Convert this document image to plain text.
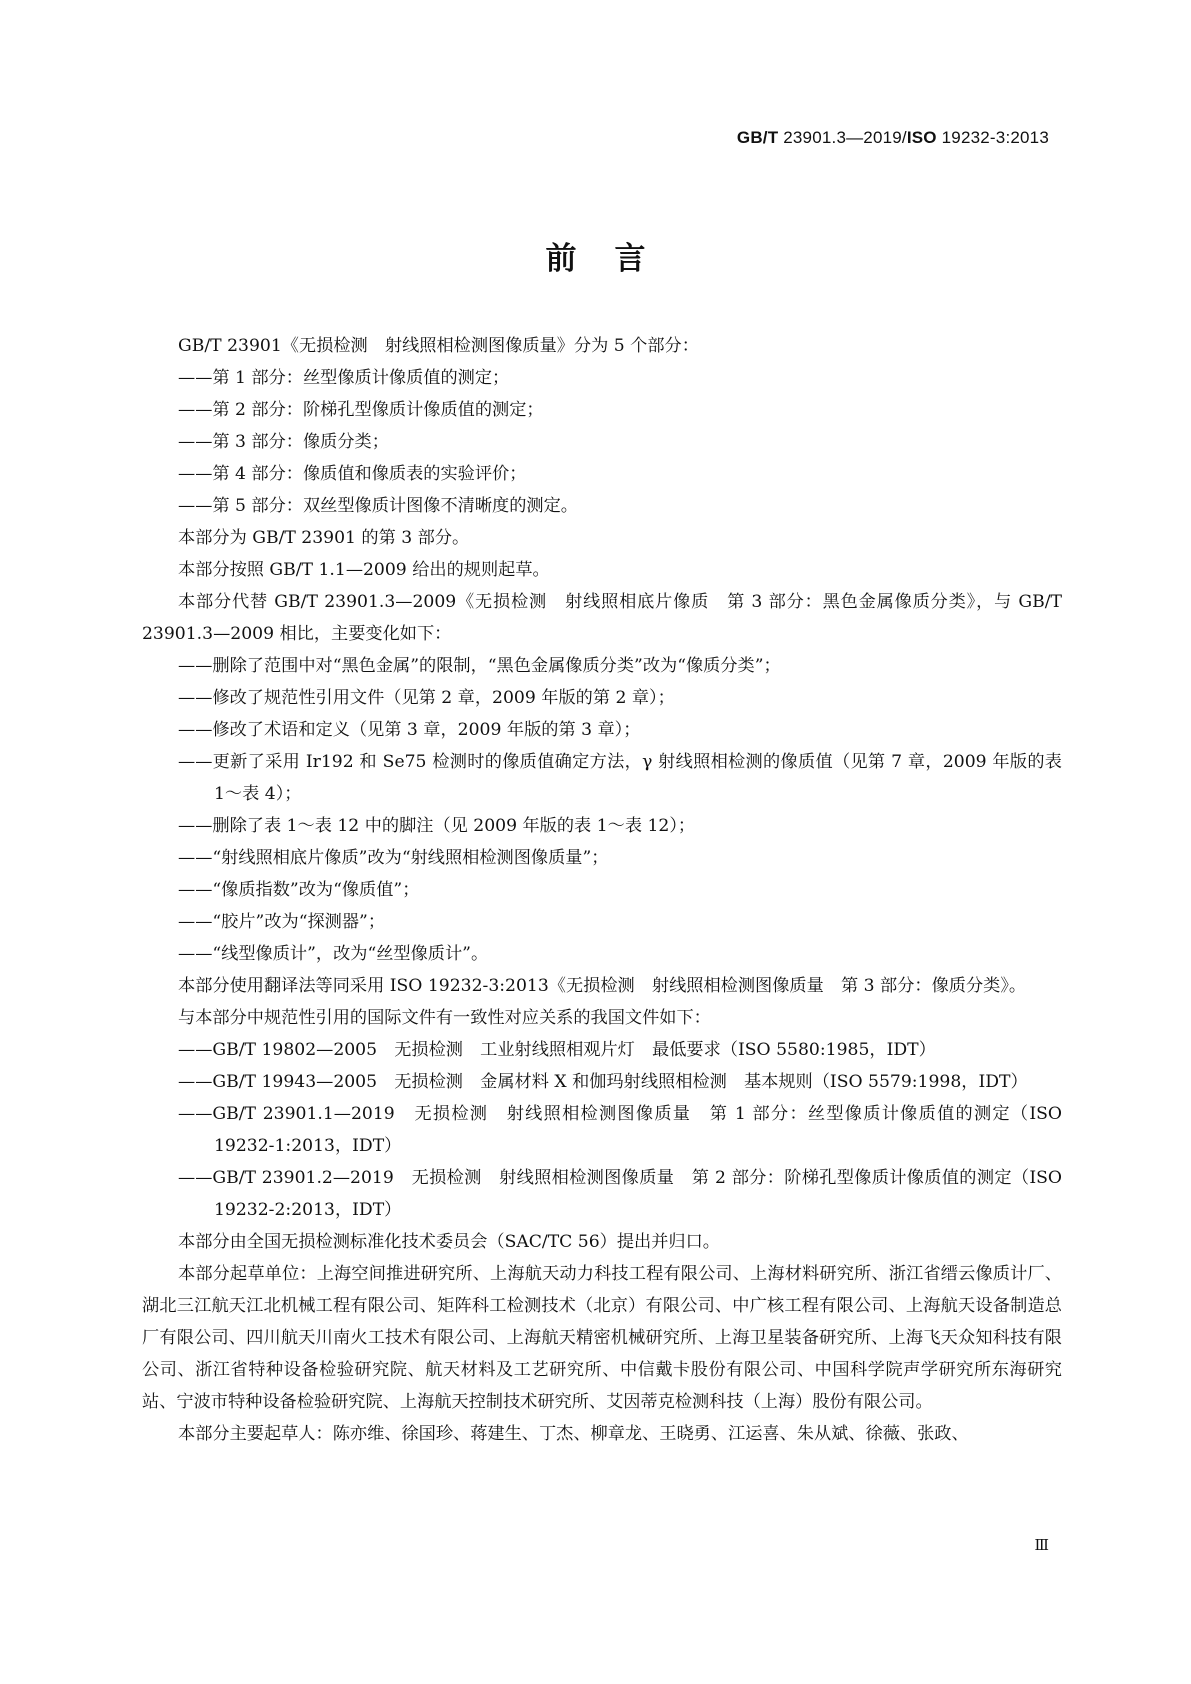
GB/T 23901.3—2019/ISO 19232-3:2013
前言

GB/T 23901《无损检测　射线照相检测图像质量》分为 5 个部分：

——第 1 部分：丝型像质计像质值的测定；

——第 2 部分：阶梯孔型像质计像质值的测定；

——第 3 部分：像质分类；

——第 4 部分：像质值和像质表的实验评价；

——第 5 部分：双丝型像质计图像不清晰度的测定。

本部分为 GB/T 23901 的第 3 部分。

本部分按照 GB/T 1.1—2009 给出的规则起草。

本部分代替 GB/T 23901.3—2009《无损检测　射线照相底片像质　第 3 部分：黑色金属像质分类》，与 GB/T 23901.3—2009 相比，主要变化如下：

——删除了范围中对“黑色金属”的限制，“黑色金属像质分类”改为“像质分类”；

——修改了规范性引用文件（见第 2 章，2009 年版的第 2 章）；

——修改了术语和定义（见第 3 章，2009 年版的第 3 章）；

——更新了采用 Ir192 和 Se75 检测时的像质值确定方法，γ 射线照相检测的像质值（见第 7 章，2009 年版的表 1～表 4）；

——删除了表 1～表 12 中的脚注（见 2009 年版的表 1～表 12）；

——“射线照相底片像质”改为“射线照相检测图像质量”；

——“像质指数”改为“像质值”；

——“胶片”改为“探测器”；

——“线型像质计”，改为“丝型像质计”。

本部分使用翻译法等同采用 ISO 19232-3:2013《无损检测　射线照相检测图像质量　第 3 部分：像质分类》。

与本部分中规范性引用的国际文件有一致性对应关系的我国文件如下：

——GB/T 19802—2005　无损检测　工业射线照相观片灯　最低要求（ISO 5580:1985，IDT）

——GB/T 19943—2005　无损检测　金属材料 X 和伽玛射线照相检测　基本规则（ISO 5579:1998，IDT）

——GB/T 23901.1—2019　无损检测　射线照相检测图像质量　第 1 部分：丝型像质计像质值的测定（ISO 19232-1:2013，IDT）

——GB/T 23901.2—2019　无损检测　射线照相检测图像质量　第 2 部分：阶梯孔型像质计像质值的测定（ISO 19232-2:2013，IDT）

本部分由全国无损检测标准化技术委员会（SAC/TC 56）提出并归口。

本部分起草单位：上海空间推进研究所、上海航天动力科技工程有限公司、上海材料研究所、浙江省缙云像质计厂、湖北三江航天江北机械工程有限公司、矩阵科工检测技术（北京）有限公司、中广核工程有限公司、上海航天设备制造总厂有限公司、四川航天川南火工技术有限公司、上海航天精密机械研究所、上海卫星装备研究所、上海飞天众知科技有限公司、浙江省特种设备检验研究院、航天材料及工艺研究所、中信戴卡股份有限公司、中国科学院声学研究所东海研究站、宁波市特种设备检验研究院、上海航天控制技术研究所、艾因蒂克检测科技（上海）股份有限公司。

本部分主要起草人：陈亦维、徐国珍、蒋建生、丁杰、柳章龙、王晓勇、江运喜、朱从斌、徐薇、张政、

Ⅲ
